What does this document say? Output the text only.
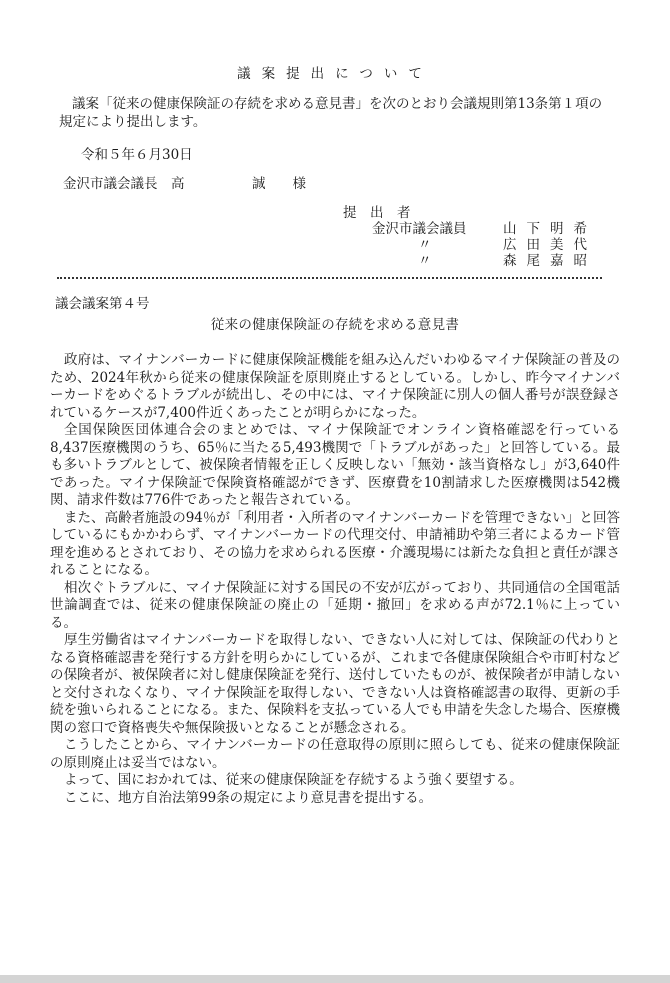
議案提出について

議案「従来の健康保険証の存続を求める意見書」を次のとおり会議規則第13条第１項の規定により提出します。

令和５年６月30日
金沢市議会議長　高　　　　　誠　　様
提　出　者
金沢市議会議員	山下明希
〃	広田美代
〃	森尾嘉昭
議会議案第４号
従来の健康保険証の存続を求める意見書

政府は、マイナンバーカードに健康保険証機能を組み込んだいわゆるマイナ保険証の普及のため、2024年秋から従来の健康保険証を原則廃止するとしている。しかし、昨今マイナンバーカードをめぐるトラブルが続出し、その中には、マイナ保険証に別人の個人番号が誤登録されているケースが7,400件近くあったことが明らかになった。

全国保険医団体連合会のまとめでは、マイナ保険証でオンライン資格確認を行っている8,437医療機関のうち、65％に当たる5,493機関で「トラブルがあった」と回答している。最も多いトラブルとして、被保険者情報を正しく反映しない「無効・該当資格なし」が3,640件であった。マイナ保険証で保険資格確認ができず、医療費を10割請求した医療機関は542機関、請求件数は776件であったと報告されている。

また、高齢者施設の94％が「利用者・入所者のマイナンバーカードを管理できない」と回答しているにもかかわらず、マイナンバーカードの代理交付、申請補助や第三者によるカード管理を進めるとされており、その協力を求められる医療・介護現場には新たな負担と責任が課されることになる。

相次ぐトラブルに、マイナ保険証に対する国民の不安が広がっており、共同通信の全国電話世論調査では、従来の健康保険証の廃止の「延期・撤回」を求める声が72.1％に上っている。

厚生労働省はマイナンバーカードを取得しない、できない人に対しては、保険証の代わりとなる資格確認書を発行する方針を明らかにしているが、これまで各健康保険組合や市町村などの保険者が、被保険者に対し健康保険証を発行、送付していたものが、被保険者が申請しないと交付されなくなり、マイナ保険証を取得しない、できない人は資格確認書の取得、更新の手続を強いられることになる。また、保険料を支払っている人でも申請を失念した場合、医療機関の窓口で資格喪失や無保険扱いとなることが懸念される。

こうしたことから、マイナンバーカードの任意取得の原則に照らしても、従来の健康保険証の原則廃止は妥当ではない。

よって、国におかれては、従来の健康保険証を存続するよう強く要望する。

ここに、地方自治法第99条の規定により意見書を提出する。
